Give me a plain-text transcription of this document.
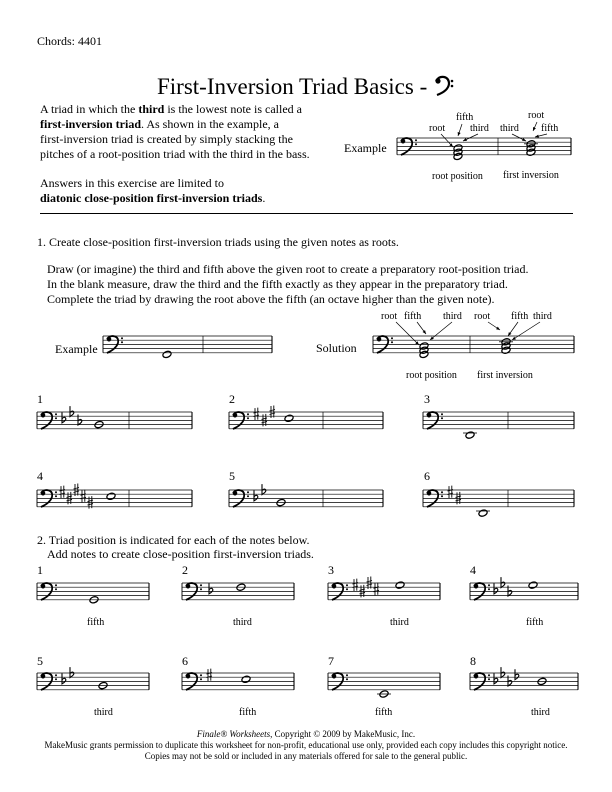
Chords: 4401
First-Inversion Triad Basics -
A triad in which the third is the lowest note is called a
first-inversion triad. As shown in the example, a
first-inversion triad is created by simply stacking the
pitches of a root-position triad with the third in the bass.
Answers in this exercise are limited to
diatonic close-position first-inversion triads.
Example
root
fifth
third third
root
fifth
root position first inversion
1. Create close-position first-inversion triads using the given notes as roots.
Draw (or imagine) the third and fifth above the given root to create a preparatory root-position triad.
In the blank measure, draw the third and the fifth exactly as they appear in the preparatory triad.
Complete the triad by drawing the root above the fifth (an octave higher than the given note).
Example	Solution
root fifth third root fifth third
root position first inversion
1	2	3
4	5	6
2. Triad position is indicated for each of the notes below.
Add notes to create close-position first-inversion triads.
1	2	3	4
5	6	7	8
fifth	third	third	fifth
third	fifth	fifth	third
Finale® Worksheets, Copyright © 2009 by MakeMusic, Inc.
MakeMusic grants permission to duplicate this worksheet for non-profit, educational use only, provided each copy includes this copyright notice.
Copies may not be sold or included in any materials offered for sale to the general public.
